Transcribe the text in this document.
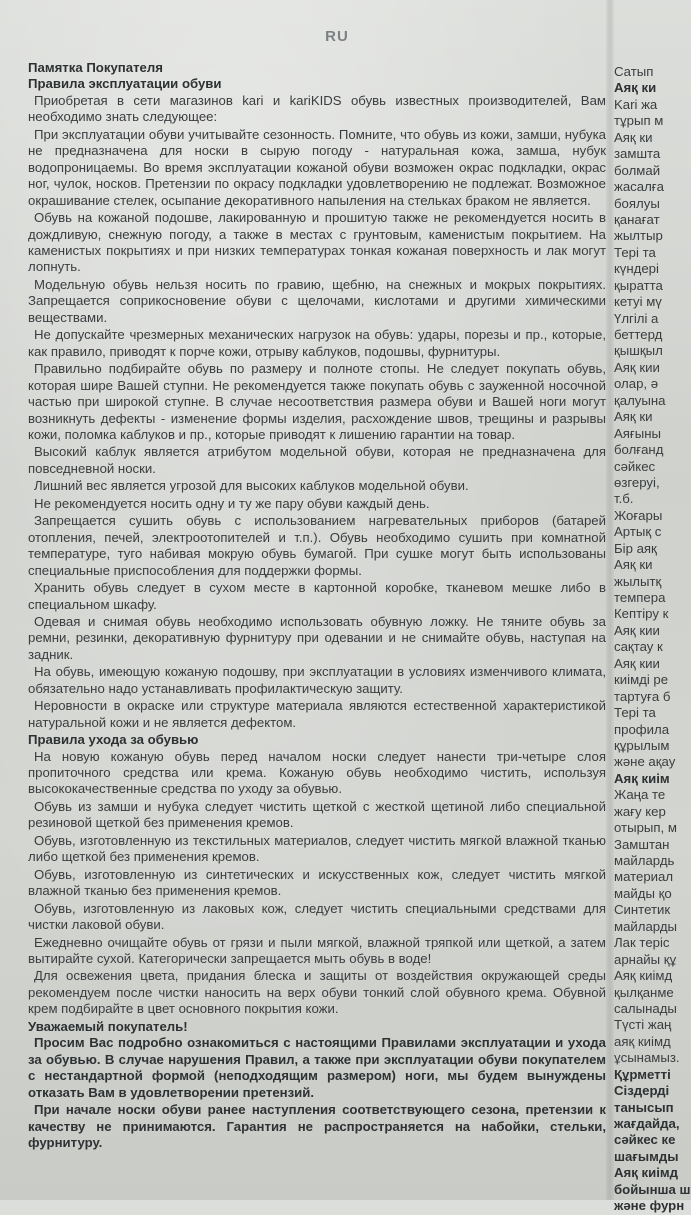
RU
Памятка Покупателя
Правила эксплуатации обуви

Приобретая в сети магазинов kari и kariKIDS обувь известных производителей, Вам необходимо знать следующее:

При эксплуатации обуви учитывайте сезонность. Помните, что обувь из кожи, замши, нубука не предназначена для носки в сырую погоду - натуральная кожа, замша, нубук водопроницаемы. Во время эксплуатации кожаной обуви возможен окрас подкладки, окрас ног, чулок, носков. Претензии по окрасу подкладки удовлетворению не подлежат. Возможное окрашивание стелек, осыпание декоративного напыления на стельках браком не является.

Обувь на кожаной подошве, лакированную и прошитую также не рекомендуется носить в дождливую, снежную погоду, а также в местах с грунтовым, каменистым покрытием. На каменистых покрытиях и при низких температурах тонкая кожаная поверхность и лак могут лопнуть.

Модельную обувь нельзя носить по гравию, щебню, на снежных и мокрых покрытиях. Запрещается соприкосновение обуви с щелочами, кислотами и другими химическими веществами.

Не допускайте чрезмерных механических нагрузок на обувь: удары, порезы и пр., которые, как правило, приводят к порче кожи, отрыву каблуков, подошвы, фурнитуры.

Правильно подбирайте обувь по размеру и полноте стопы. Не следует покупать обувь, которая шире Вашей ступни. Не рекомендуется также покупать обувь с зауженной носочной частью при широкой ступне. В случае несоответствия размера обуви и Вашей ноги могут возникнуть дефекты - изменение формы изделия, расхождение швов, трещины и разрывы кожи, поломка каблуков и пр., которые приводят к лишению гарантии на товар.

Высокий каблук является атрибутом модельной обуви, которая не предназначена для повседневной носки.

Лишний вес является угрозой для высоких каблуков модельной обуви.

Не рекомендуется носить одну и ту же пару обуви каждый день.

Запрещается сушить обувь с использованием нагревательных приборов (батарей отопления, печей, электроотопителей и т.п.). Обувь необходимо сушить при комнатной температуре, туго набивая мокрую обувь бумагой. При сушке могут быть использованы специальные приспособления для поддержки формы.

Хранить обувь следует в сухом месте в картонной коробке, тканевом мешке либо в специальном шкафу.

Одевая и снимая обувь необходимо использовать обувную ложку. Не тяните обувь за ремни, резинки, декоративную фурнитуру при одевании и не снимайте обувь, наступая на задник.

На обувь, имеющую кожаную подошву, при эксплуатации в условиях изменчивого климата, обязательно надо устанавливать профилактическую защиту.

Неровности в окраске или структуре материала являются естественной характеристикой натуральной кожи и не является дефектом.

Правила ухода за обувью

На новую кожаную обувь перед началом носки следует нанести три-четыре слоя пропиточного средства или крема. Кожаную обувь необходимо чистить, используя высококачественные средства по уходу за обувью.

Обувь из замши и нубука следует чистить щеткой с жесткой щетиной либо специальной резиновой щеткой без применения кремов.

Обувь, изготовленную из текстильных материалов, следует чистить мягкой влажной тканью либо щеткой без применения кремов.

Обувь, изготовленную из синтетических и искусственных кож, следует чистить мягкой влажной тканью без применения кремов.

Обувь, изготовленную из лаковых кож, следует чистить специальными средствами для чистки лаковой обуви.

Ежедневно очищайте обувь от грязи и пыли мягкой, влажной тряпкой или щеткой, а затем вытирайте сухой. Категорически запрещается мыть обувь в воде!

Для освежения цвета, придания блеска и защиты от воздействия окружающей среды рекомендуем после чистки наносить на верх обуви тонкий слой обувного крема. Обувной крем подбирайте в цвет основного покрытия кожи.

Уважаемый покупатель!

Просим Вас подробно ознакомиться с настоящими Правилами эксплуатации и ухода за обувью. В случае нарушения Правил, а также при эксплуатации обуви покупателем с нестандартной формой (неподходящим размером) ноги, мы будем вынуждены отказать Вам в удовлетворении претензий.

При начале носки обуви ранее наступления соответствующего сезона, претензии к качеству не принимаются. Гарантия не распространяется на набойки, стельки, фурнитуру.

Сатып
Аяқ ки
Kari жа
тұрып м
Аяқ ки
замшта
болмай
жасалға
боялуы
қанағат
жылтыр
Тері та
күндері
қыратта
кетуі мү
Үлгілі а
беттерд
қышқыл
Аяқ кии
олар, ә
қалуына
Аяқ ки
Аяғыны
болғанд
сәйкес
өзгеруі,
т.б.
Жоғары
Артық с
Бір аяқ
Аяқ ки
жылытқ
темпера
Кептіру к
Аяқ кии
сақтау к
Аяқ кии
киімді ре
тартуға б
Тері та
профила
құрылым
және ақау
Аяқ киім
Жаңа те
жағу кер
отырып, м
Замштан
майлардь
материал
майды қо
Синтетик
майларды
Лак теріс
арнайы құ
Аяқ киімд
қылқанме
салынады
Түсті жаң
аяқ киімд
ұсынамыз.
Құрметті
Сіздерді
танысып
жағдайда,
сәйкес ке
шағымды
Аяқ киімд
бойынша ш
және фурн
